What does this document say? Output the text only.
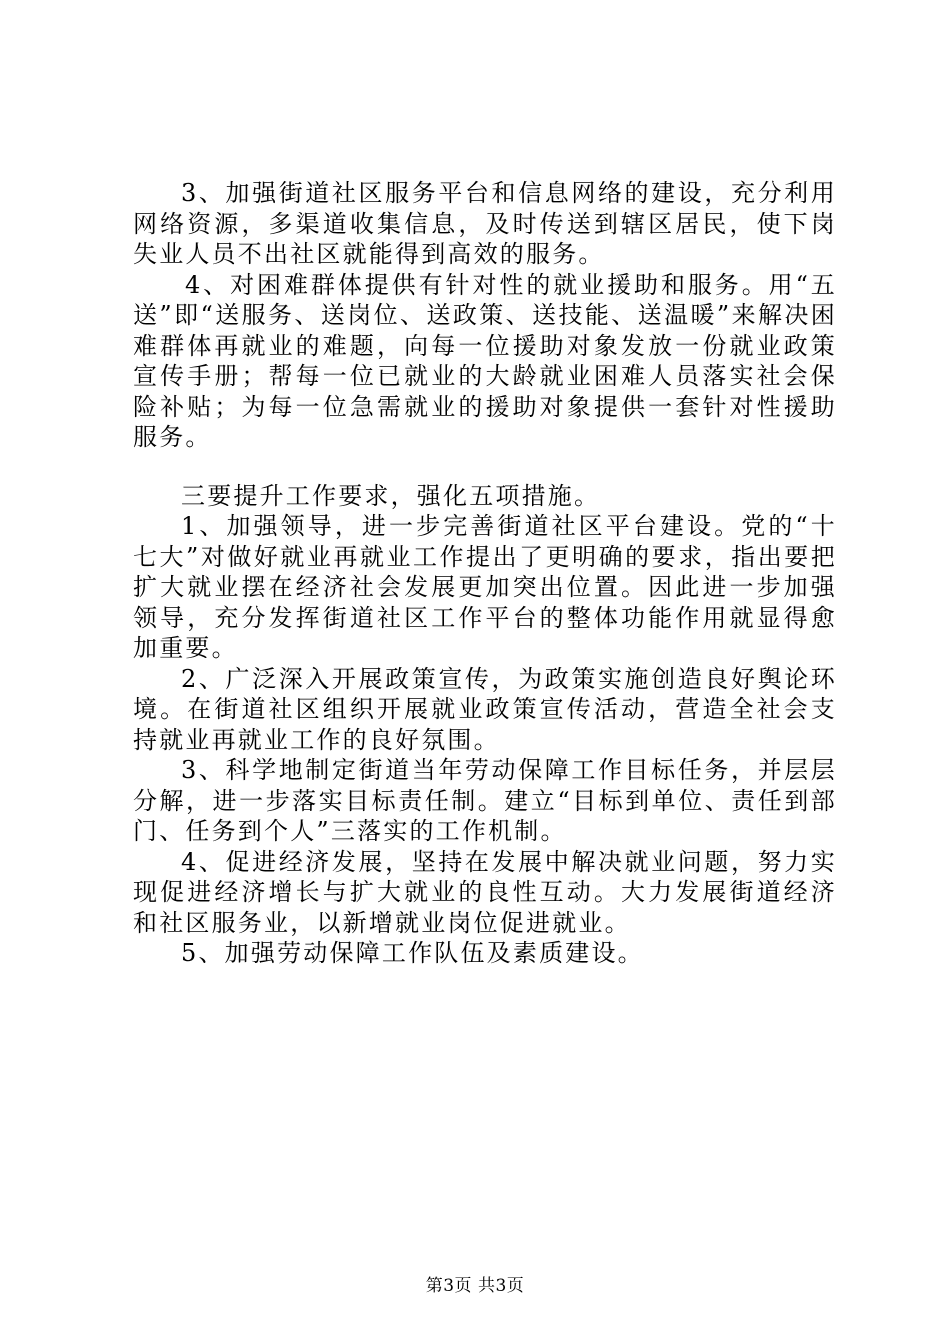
3、加强街道社区服务平台和信息网络的建设，充分利用网络资源，多渠道收集信息，及时传送到辖区居民，使下岗失业人员不出社区就能得到高效的服务。

4、对困难群体提供有针对性的就业援助和服务。用“五送”即“送服务、送岗位、送政策、送技能、送温暖”来解决困难群体再就业的难题，向每一位援助对象发放一份就业政策宣传手册；帮每一位已就业的大龄就业困难人员落实社会保险补贴；为每一位急需就业的援助对象提供一套针对性援助服务。

三要提升工作要求，强化五项措施。

1、加强领导，进一步完善街道社区平台建设。党的“十七大”对做好就业再就业工作提出了更明确的要求，指出要把扩大就业摆在经济社会发展更加突出位置。因此进一步加强领导，充分发挥街道社区工作平台的整体功能作用就显得愈加重要。

2、广泛深入开展政策宣传，为政策实施创造良好舆论环境。在街道社区组织开展就业政策宣传活动，营造全社会支持就业再就业工作的良好氛围。

3、科学地制定街道当年劳动保障工作目标任务，并层层分解，进一步落实目标责任制。建立“目标到单位、责任到部门、任务到个人”三落实的工作机制。

4、促进经济发展，坚持在发展中解决就业问题，努力实现促进经济增长与扩大就业的良性互动。大力发展街道经济和社区服务业，以新增就业岗位促进就业。

5、加强劳动保障工作队伍及素质建设。

第3页 共3页
